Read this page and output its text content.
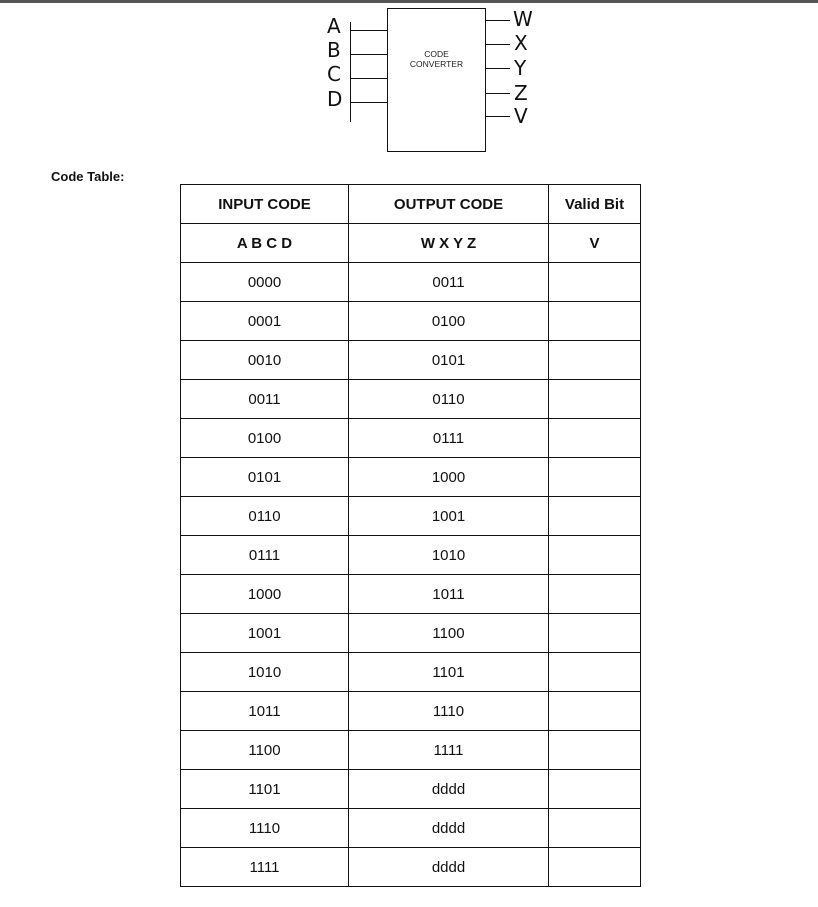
A
B
C
D
CODE
CONVERTER
W
X
Y
Z
V
Code Table:
INPUT CODE	OUTPUT CODE	Valid Bit
A B C D	W X Y Z	V
0000	0011	
0001	0100	
0010	0101	
0011	0110	
0100	0111	
0101	1000	
0110	1001	
0111	1010	
1000	1011	
1001	1100	
1010	1101	
1011	1110	
1100	1111	
1101	dddd	
1110	dddd	
1111	dddd	
